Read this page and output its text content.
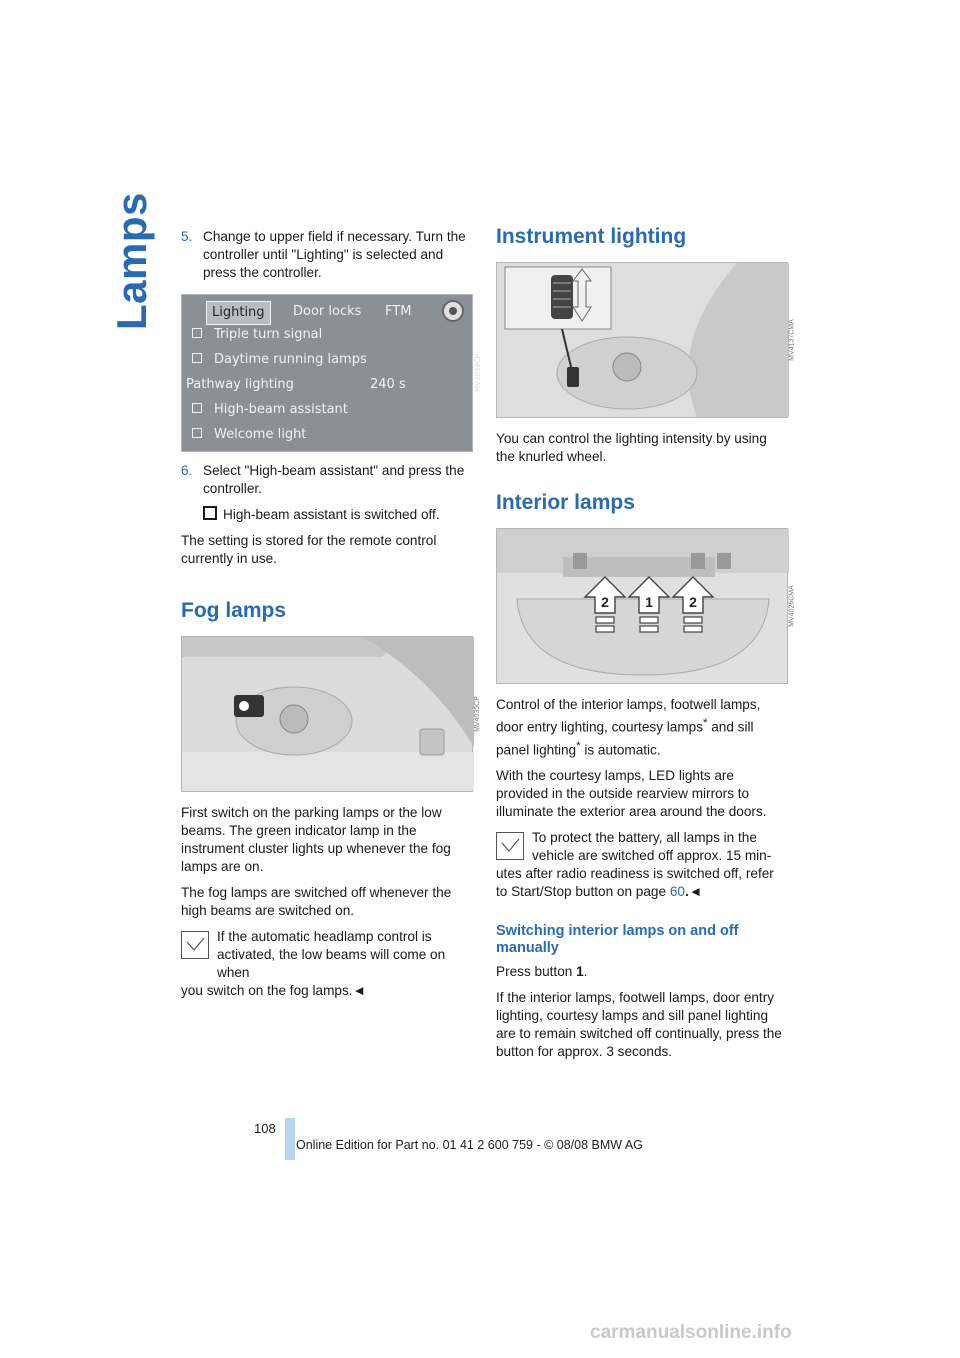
Lamps 5. Change to upper field if necessary. Turn the controller until "Lighting" is selected and press the controller.
Lighting	Door locks	FTM
Triple turn signal
Daytime running lamps
Pathway lighting	240 s
High-beam assistant
Welcome light
MV4038CP
6. Select "High-beam assistant" and press the controller.
High-beam assistant is switched off.

The setting is stored for the remote control currently in use.

Fog lamps
MV4035CP

First switch on the parking lamps or the low beams. The green indicator lamp in the instrument cluster lights up whenever the fog lamps are on.

The fog lamps are switched off whenever the high beams are switched on.

If the automatic headlamp control is activated, the low beams will come on when
you switch on the fog lamps.◄
Instrument lighting
MV4137CMA

You can control the lighting intensity by using the knurled wheel.

Interior lamps
2	1	2	MV4026CMA

Control of the interior lamps, footwell lamps, door entry lighting, courtesy lamps* and sill panel lighting* is automatic.

With the courtesy lamps, LED lights are provided in the outside rearview mirrors to illuminate the exterior area around the doors.

To protect the battery, all lamps in the vehicle are switched off approx. 15 min-
utes after radio readiness is switched off, refer to Start/Stop button on page 60.◄
Switching interior lamps on and off manually

Press button 1.

If the interior lamps, footwell lamps, door entry lighting, courtesy lamps and sill panel lighting are to remain switched off continually, press the button for approx. 3 seconds.

108
Online Edition for Part no. 01 41 2 600 759 - © 08/08 BMW AG
carmanualsonline.info
